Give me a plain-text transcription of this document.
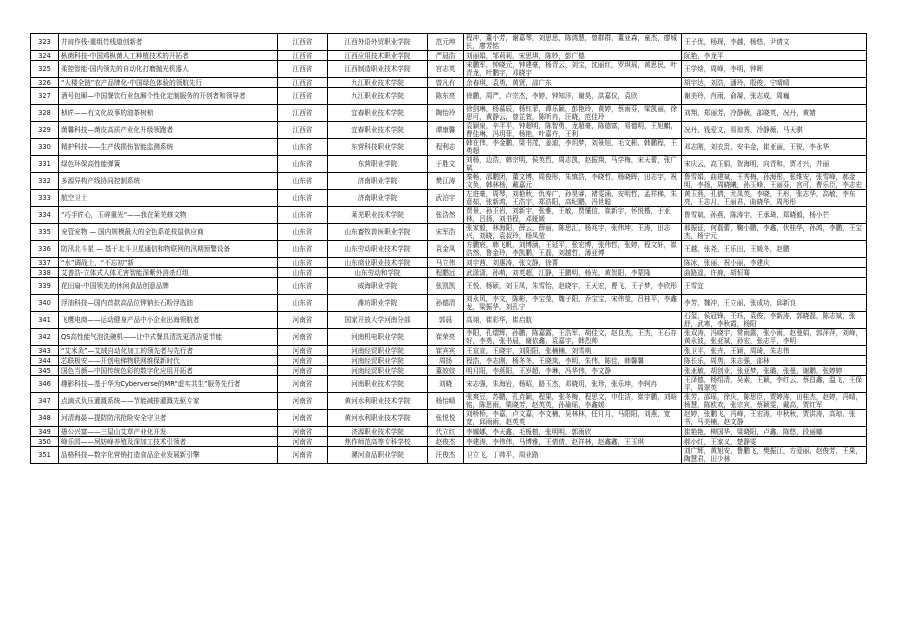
323	并肩作栈-重组竹栈道创新者	江西省	江西外语外贸职业学院	范元坤	程冲，董小芳，谢嘉琴，刘思思，陈鸿慧，曾群群，董亚森，童杰，廖城长，廖芳铭	王子优，杨琛，李越，杨悠，尹倩文
324	枞菌科技-中国鸡枞菌人工种植技术的开拓者	江西省	江西应用技术职业学院	严晨浩	刘丽娟，邹莉莉，宋思琪，陈妙，彭广德	阮艳，李龙平
325	柔控智能-国内领先的自动化打磨抛光机器人	江西省	江西制造职业技术学院	宫志英	宋鹏军，钟晓元，钟建豪，杨青云，刘宝，沈丽红，罗琪瑶，黄思民，叶青龙，叶鹏宇，邓晓宇	王学焓，周峰，李明，钟晖
326	“大楼全链”农产品牌化-中国绿色体验的领航先行	江西省	九江职业技术学院	曾凡有	余春琪，袁勇，黄贤，邵广东	胡宇达，刘浩，潘玲，殷俊，宁晴晴
327	酒号包厢—中国餐饮行业包厢个性化定制服务的开创者和领导者	江西省	九江职业技术学院	陈东亮	徐鹏，周严，卢宗杰，李婷，钟知洋，谢昊，洪嘉仪，袁欣	谢美玲，肖雨，俞凝，张志成，周巍
328	桢匠——有文化故事的油茶树桢	江西省	宜春职业技术学院	陶怡玲	徐剑琳，杨慕辰，杨钰菲，谭乐颖，彭艳玲，黄婷，蔡雨芬，梁凯丽，徐思可，黄静云，曾芷萱，陈昕冉，汪晓，范佳玲	刘翔，郑丽芳，冷静薇，邵晓英，况丹，黄婧
329	菌馨科技—菌皮高质产业化升级领跑者	江西省	宜春职业技术学院	谭康馨	袁颖泉，辛平平，钟超明，陈智勇，龙超豪，陈德富，易德明，王旭麒，曹佳琳，冯玥菲，杨艳，叶嘉卉，王利	况丹，钱爱文，易琼秀，冷静薇，马天骐
330	精护科技——生产线损伤智能监测系统	山东省	东营科技职业学院	程利志	韩在伟，李金鹏，梁书茂，姜迪，李玥梦，刘景旭，毛文彬，韩鹏程，王勇超	邓志刚，刘衣贵，安丰金，崔亚丽，王锐，李永华
331	绿色环保高性能弹簧	山东省	东营职业学院	于胜文	刘杨，边浩，韩宗明，侯英哲，周志凯，赵振翔，马学梅，宋天蕾，张广斌	宋庆云，高玉娟，贺海明，向青和，贾才兴，井丽
332	多源异构产线协同控制系统	山东省	济南职业学院	樊江涛	秦畅，邵鹏团，董文博，周俊彤，朱慎浩，李晓哲，杨晓晖，田志宇，祝文奂，韩林杨，戴嘉元	鲁雪娟，曲建斌，王秀梅，孙海彤，张维安，张雪峰，郝金明，李扬，周晓曦，孙玉峰，王丽芬，宫可，曹乐臣，李志宏
333	航空卫士	山东省	济南职业学院	武泊宇	左进豪，周琴，刘艳秋，仇寿广，孙昊睿，褚雯涌，安明哲，孟祥梯，朱意茹，张新鸿，王浩宇，郑浩阳，高纪鹏，冯世聪	黄玉燕，孔倩，尤凤英，李晓，王形，张志华，高敏，李东亮，王志月，王丽君，曲晓华，周彤彤
334	“巧手匠心，玉碎重光”——我在莱芜修文物	山东省	莱芜职业技术学院	张浩然	贾景，孙玉岩，刘新宇，张雅，王敏，贾懂信，崔新宇，怀悦楷，于亚林，吕扬，刘书程，邓娅媛	鲁雪斌，孙燕，陈涛宇，王承琦，郑晓毅，杨小芒
335	宠管宠物 — 国内规模最大的全色系花枝鼠供应商	山东省	山东畜牧兽医职业学院	宋军浩	张家毅，林海阳，薛云，薛丽，陈思汇，杨兆宇，张伟坤，王涛，田志兴，刘晓，袁叔玲，杨凤莹	郝振征，何磊蕾，鞠小鹏，李鑫，伏桂华，孙鸿，李鹏，王宝杰，杨宁元
336	防汛北斗星 — 基于北斗卫星通信和物联网的汛期预警设备	山东省	山东劳动职业技术学院	袁金凤	方鹏宸，韩飞帆，刘博涵，王延平，张宏博，张伟哲，张婷，程文轩，崔浩然，鲁金玲，李凯鹏，王磊，刘越哲，薄亚博	王越，张尧，王乐田，王媛冬，赵鹏
337	“水”调战士，“不忘初”新	山东省	山东商业职业技术学院	马立伟	刘宇茜，刘惠涛，张文静，徐菁	陈冰，张丽，祝小丽，李建庆
338	艾普浩-立体式人体无害智能深紫外消杀灯组	山东省	山东劳动和学院	程鹏远	武潇潇，孙萌，刘英超，江静，王鹏明，杨光，黄贺阳，李蒙隆	曲路遥，许鹿，胡恒骞
339	花田扇-中国领先的休闲食品创意品牌	山东省	威海职业学院	张凯凯	王悦，杨硕，刘玉凤，朱雪怡，赵晓宇，王天宏，曹飞，王子梦，李欣彤	王雪宜
340	浮油科技—国内首款高品位钾钠长石粉浮选油	山东省	潍坊职业学院	孙德清	刘永风，李文，陈彬，李宝莹，魏子阳，乔宝宝，宋伟莹，吕桂平，李鑫龙，梁振华，刘孔宁	李芳，魏冲，王立丽，张成功，邱新良
341	飞鹰电商——运动健身产品中小企业出海领航者	河南省	国家开放大学河南分部	郭晨	高翊，崔彩华，崔启航	石玺，侯冠锋，王珏，袁俊，李新涛，郭晓磊，陈志斌，张舒，武寒，李秋霞，杨阳
342	QS高性能气泡洗碗机——让中式餐具清洗更清洁更节能	河南省	河南机电职业学院	崔荣亮	李阳，孔熠辉，孙鹏，陈嘉露，王浩军，胡佳文，赵良杰，王杰，王石存好，李勇，张书晨，谢依鑫，袁嘉宇，韩烈帅	张双涛，冯晓宇，常雨露，张小雨，赵曼娟，郭萍萍，刘峰，黄永波，张亚斌，孙宏，张志平，李明
343	“艾米灸”—艾绒自动化加工的领先者与先行者	河南省	河南经贸职业学院	崔宾宾	王宣宣，王晓宇，刘阳阳，张楠楠，刘雪萌	张卫平，张卉，王颖，周琦，朱志伟
344	芯联极安——开创电梯物联网维保新时代	河南省	河南经贸职业学院	周扬	程浩，李志刚，杨冬冬，王晓岚，李明，朱伟，陈佳，韩馨馨	陈长乐，周勇，朱志强，邵林
345	国色当颜—中国传统色彩的数字化应用开拓者	河南省	河南经贸职业学院	董姣姣	明月阳，李燕阳，王岁超，李琳，冯华伟，李文静	张亚敏，胡创业，张亚梦，张璐，张曼，谢鹏，张婷婷
346	趣影科技—基于华为Cyberverse的MR“虚实共生”服务先行者	河南省	河南职业技术学院	刘晓	宋志强，朱海岩，杨昭，路玉杰，邓晓玥，张珍，张乐坤，李轲冉	王泽德，杨绍清，吴素，王颖，李红云，蔡昌鑫，温飞，王保平，周翠英
347	点滴式负压灌溉系统——节能减排灌溉先驱专家	河南省	黄河水利职业技术学院	杨怡晴	张爽豆，苏鹏，孔垚颖，程果，张冬梅，程思文，申佳洁，崔宇鹏，刘晗铭，陈思雨，栗晓芳，赵英英，孙瑜瑶，李鑫媛	张芳，邵瑶，徐庆，陈思臣，贾婷涛，田桂杰，赵婷，冯晴，杨慧，陈欧欢，张宗宾，蔡颖雯，戴高，贾红军
348	河清海晏—提防防汛抢险安全守卫者	河南省	黄河水利职业技术学院	张悦悦	刘桥桥，李嘉，卢文嘉，李文楠，吴林林，任月月，马阳阳，刘燕，宽宽，邱雨雨，赵英英	赵婷，张鹏飞，冯峰，王宏涛，申秋秋，贾洪涛，高琼，张书，马美楠，赵文静
349	愚公兴富——三屋山艾草产业化开发	河南省	济源职业技术学院	代立红	李娜娜，李天鑫，毛栀植，张明明，郭雨欣	崔艳艳，柳国华，梁晓阳，卢鑫，陈悠，段丽娜
350	峰乐园——夙妨峰养殖及深加工技术引领者	河南省	焦作师范高等专科学校	赵俊杰	李建涛，李伟伟，马博雅，王倩倩，赵祥林，赵鑫鑫，王玉琪	郝小红，王家义，楚静雯
351	品格科技—数字化营销打造食品企业发展新引擎	河南省	漯河食品职业学院	汪俊杰	卫立飞，丁帅平，周业路	刘广辉，黄旭安，鲁鹏飞，樊振江，方爱丽，赵俊芳，王果，陶慧君，田少林
